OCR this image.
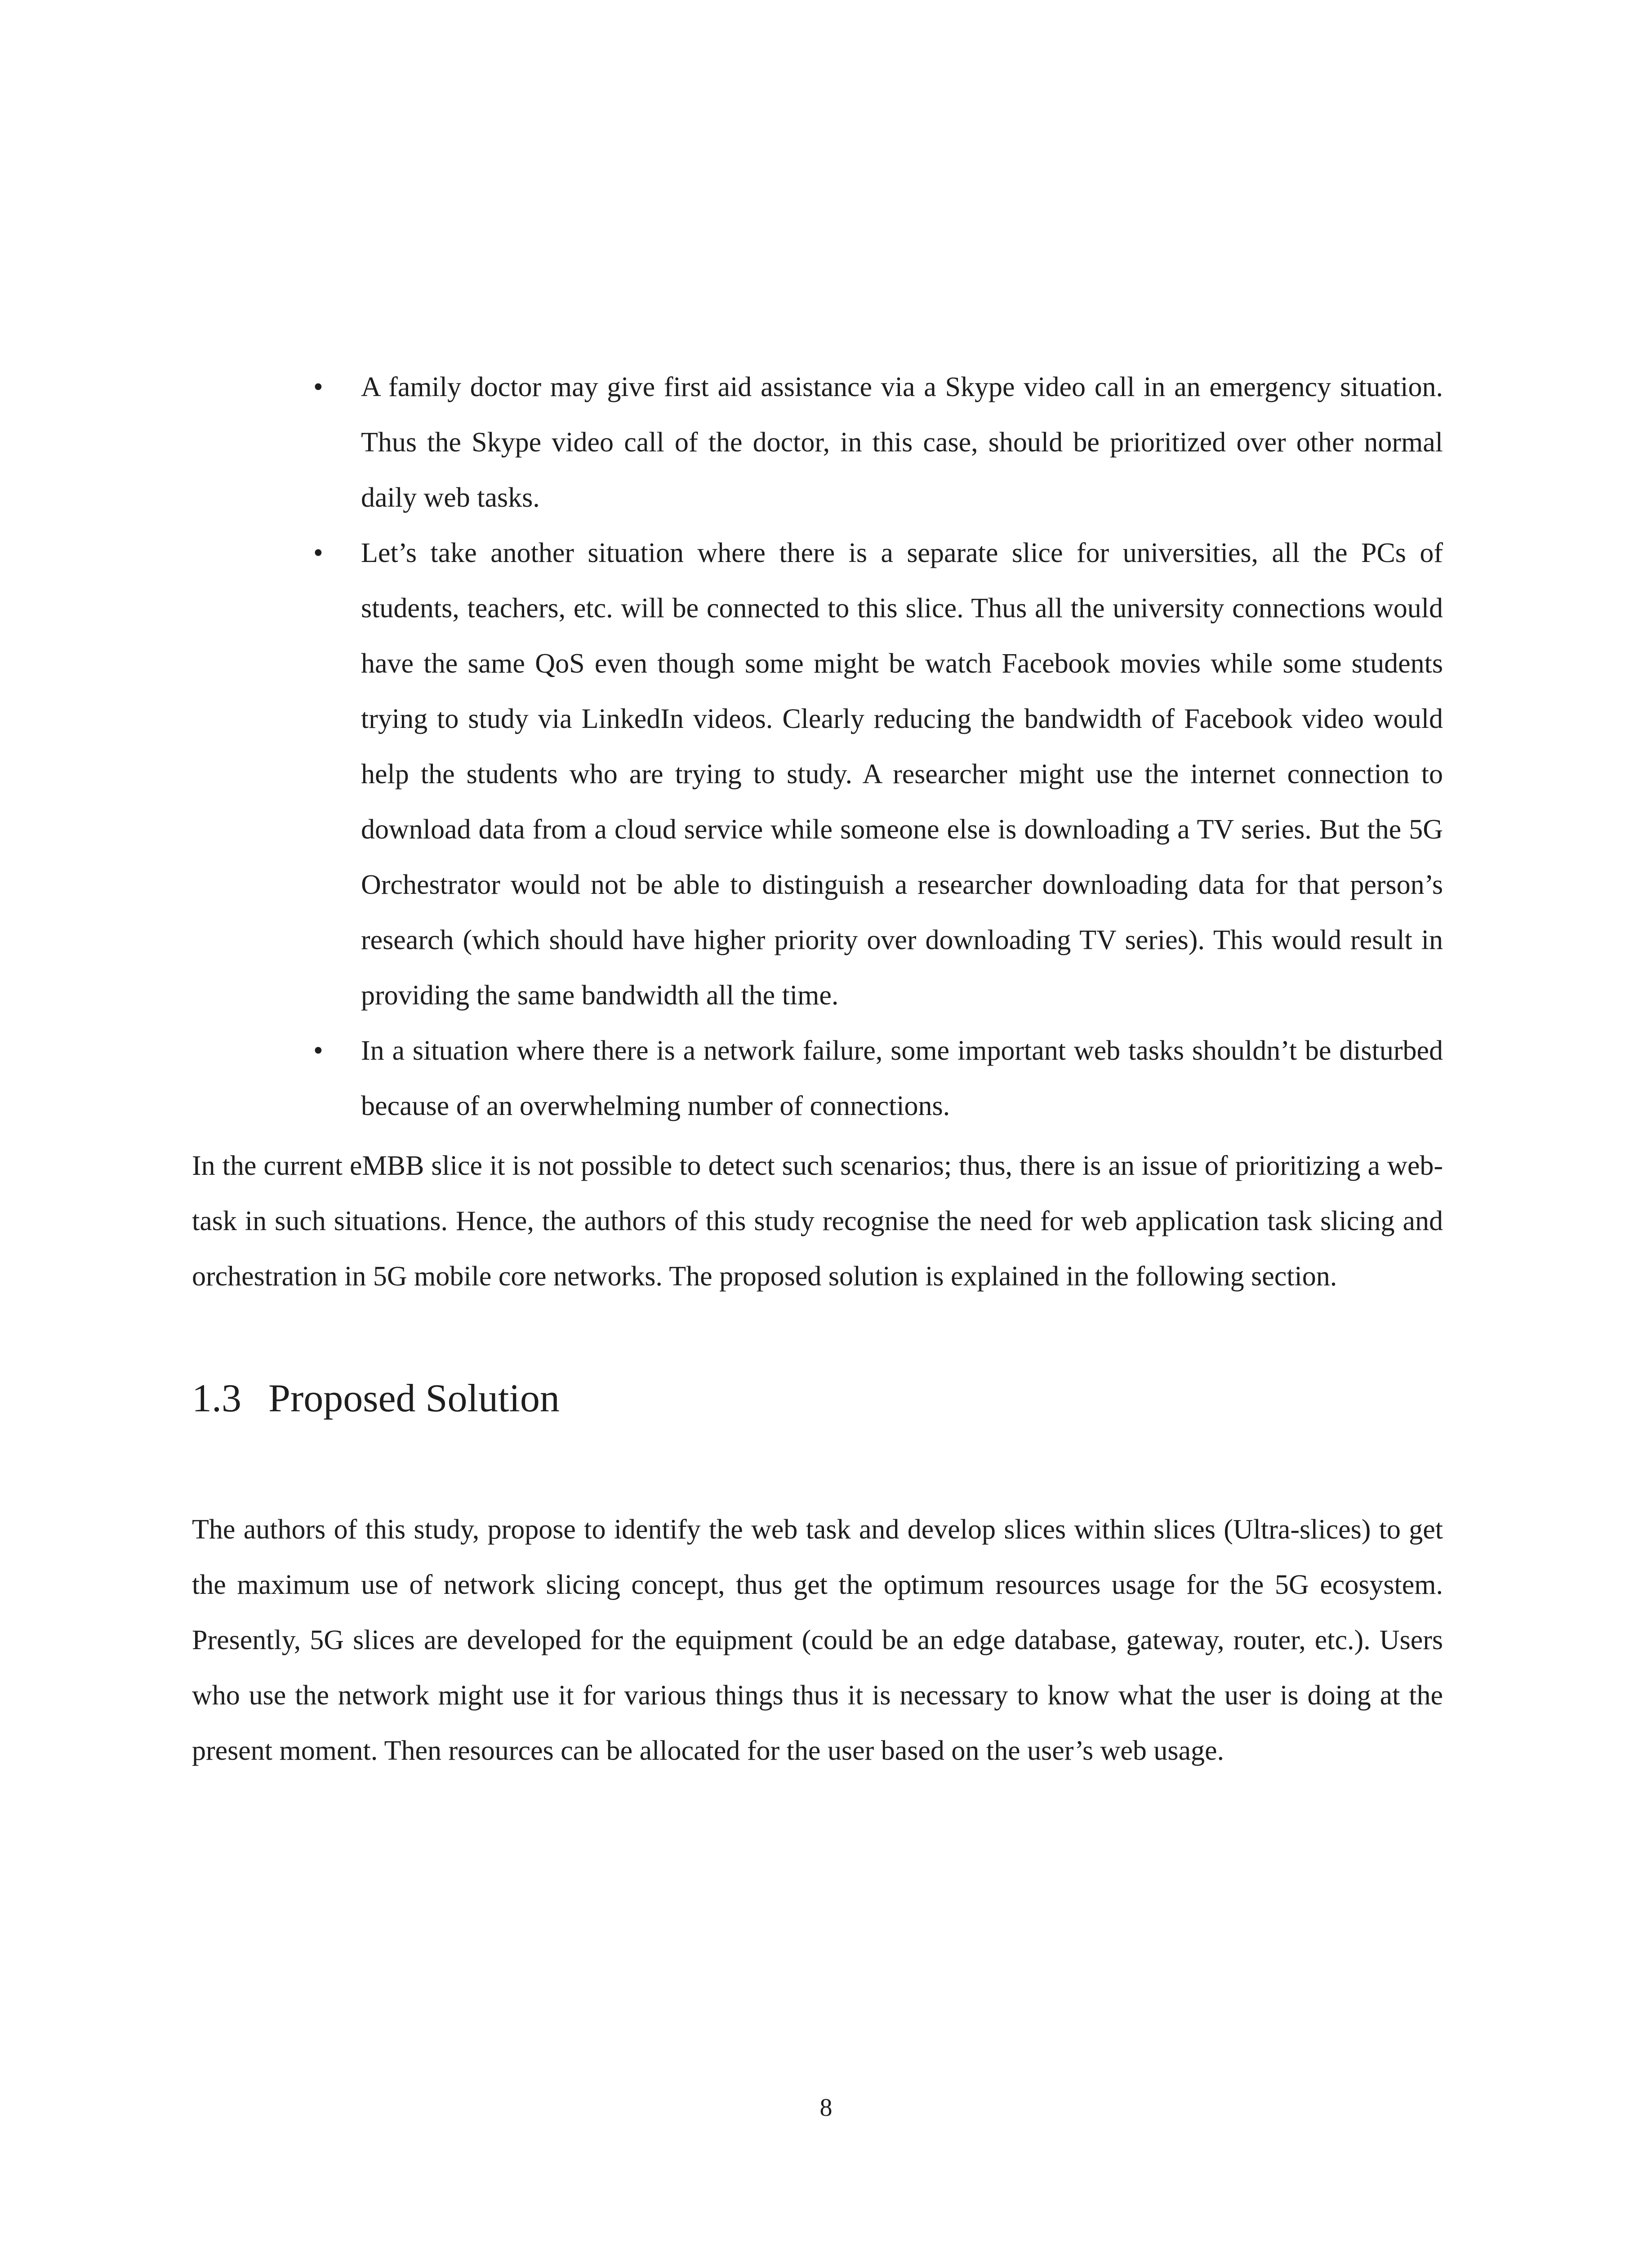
•	A family doctor may give first aid assistance via a Skype video call in an emergency situation. Thus the Skype video call of the doctor, in this case, should be prioritized over other normal daily web tasks.
•	Let’s take another situation where there is a separate slice for universities, all the PCs of students, teachers, etc. will be connected to this slice. Thus all the university connections would have the same QoS even though some might be watch Facebook movies while some students trying to study via LinkedIn videos. Clearly reducing the bandwidth of Facebook video would help the students who are trying to study. A researcher might use the internet connection to download data from a cloud service while someone else is downloading a TV series. But the 5G Orchestrator would not be able to distinguish a researcher downloading data for that person’s research (which should have higher priority over downloading TV series). This would result in providing the same bandwidth all the time.
•	In a situation where there is a network failure, some important web tasks shouldn’t be disturbed because of an overwhelming number of connections.

In the current eMBB slice it is not possible to detect such scenarios; thus, there is an issue of prioritizing a web-task in such situations. Hence, the authors of this study recognise the need for web application task slicing and orchestration in 5G mobile core networks. The proposed solution is explained in the following section.

1.3 Proposed Solution

The authors of this study, propose to identify the web task and develop slices within slices (Ultra-slices) to get the maximum use of network slicing concept, thus get the optimum resources usage for the 5G ecosystem. Presently, 5G slices are developed for the equipment (could be an edge database, gateway, router, etc.). Users who use the network might use it for various things thus it is necessary to know what the user is doing at the present moment. Then resources can be allocated for the user based on the user’s web usage.

8
